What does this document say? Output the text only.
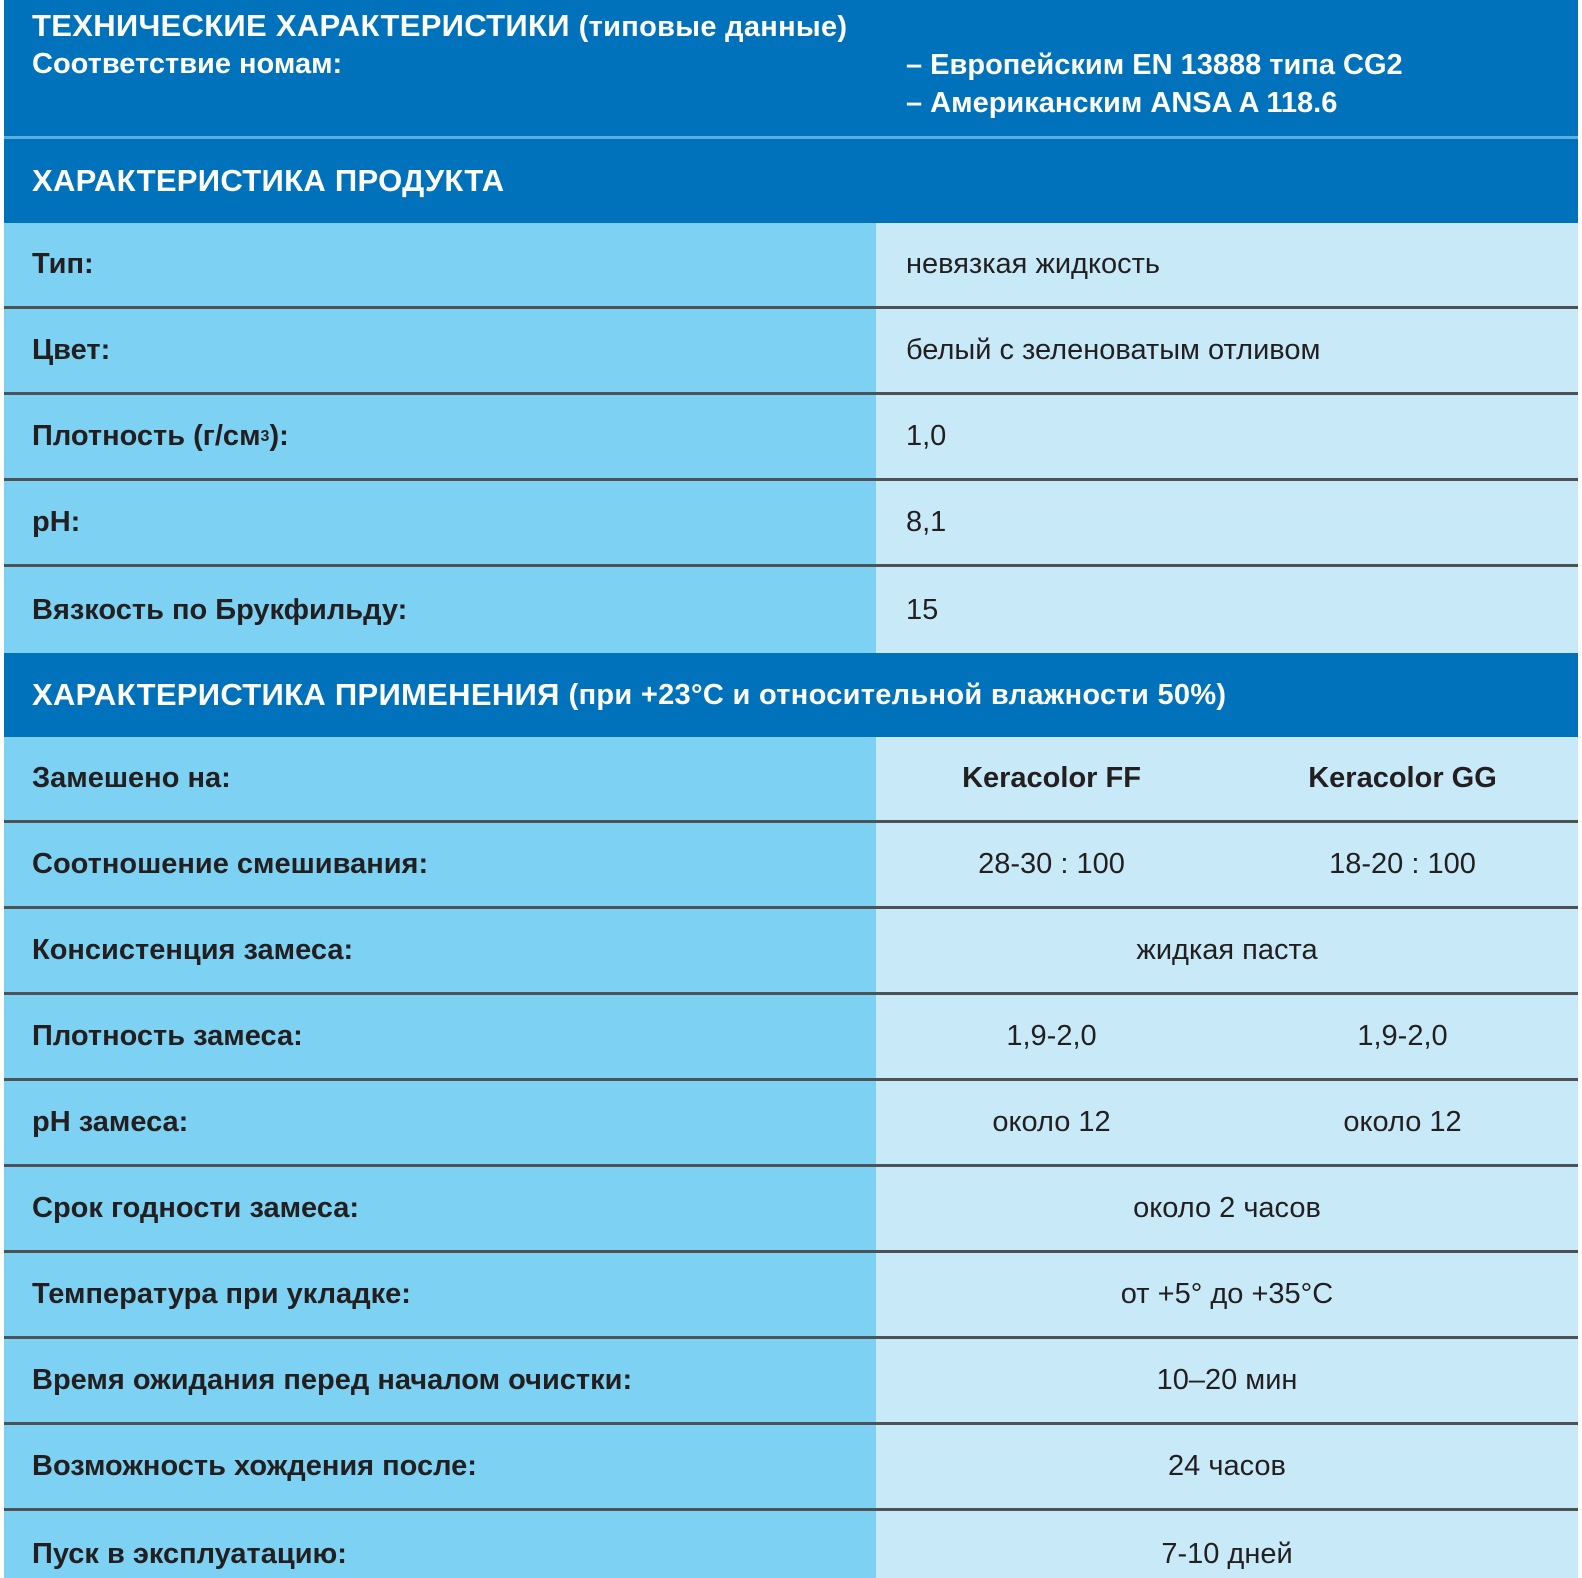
ТЕХНИЧЕСКИЕ ХАРАКТЕРИСТИКИ (типовые данные)
Соответствие номам:	– Европейским EN 13888 типа CG2
– Американским ANSA A 118.6
ХАРАКТЕРИСТИКА ПРОДУКТА
Тип:	невязкая жидкость
Цвет:	белый с зеленоватым отливом
Плотность (г/см 3 ):	1,0
pH:	8,1
Вязкость по Брукфильду:	15
ХАРАКТЕРИСТИКА ПРИМЕНЕНИЯ
(при +23°C и относительной влажности 50%)
Замешено на:	Keracolor FF	Keracolor GG
Соотношение смешивания:	28-30 : 100	18-20 : 100
Консистенция замеса:	жидкая паста
Плотность замеса:	1,9-2,0	1,9-2,0
pH замеса:	около 12	около 12
Срок годности замеса:	около 2 часов
Температура при укладке:	от +5° до +35°C
Время ожидания перед началом очистки:	10–20 мин
Возможность хождения после:	24 часов
Пуск в эксплуатацию:	7-10 дней
